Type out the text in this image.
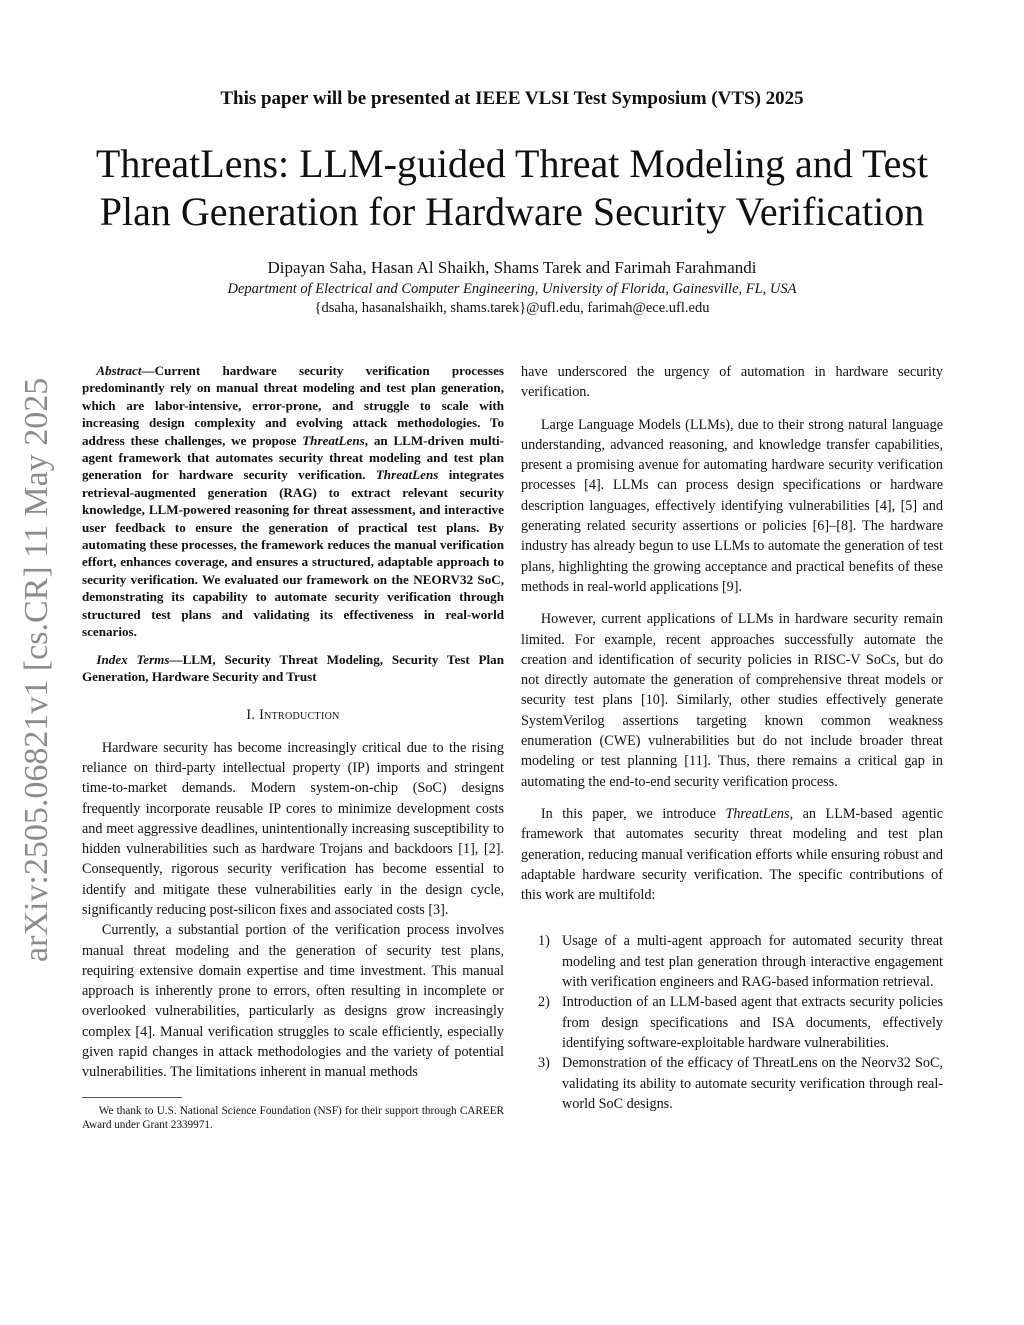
This paper will be presented at IEEE VLSI Test Symposium (VTS) 2025
ThreatLens: LLM-guided Threat Modeling and Test Plan Generation for Hardware Security Verification
Dipayan Saha, Hasan Al Shaikh, Shams Tarek and Farimah Farahmandi
Department of Electrical and Computer Engineering, University of Florida, Gainesville, FL, USA
{dsaha, hasanalshaikh, shams.tarek}@ufl.edu, farimah@ece.ufl.edu
arXiv:2505.06821v1 [cs.CR] 11 May 2025

Abstract—Current hardware security verification processes predominantly rely on manual threat modeling and test plan generation, which are labor-intensive, error-prone, and struggle to scale with increasing design complexity and evolving attack methodologies. To address these challenges, we propose ThreatLens, an LLM-driven multi-agent framework that automates security threat modeling and test plan generation for hardware security verification. ThreatLens integrates retrieval-augmented generation (RAG) to extract relevant security knowledge, LLM-powered reasoning for threat assessment, and interactive user feedback to ensure the generation of practical test plans. By automating these processes, the framework reduces the manual verification effort, enhances coverage, and ensures a structured, adaptable approach to security verification. We evaluated our framework on the NEORV32 SoC, demonstrating its capability to automate security verification through structured test plans and validating its effectiveness in real-world scenarios.

Index Terms—LLM, Security Threat Modeling, Security Test Plan Generation, Hardware Security and Trust

I. Introduction

Hardware security has become increasingly critical due to the rising reliance on third-party intellectual property (IP) imports and stringent time-to-market demands. Modern system-on-chip (SoC) designs frequently incorporate reusable IP cores to minimize development costs and meet aggressive deadlines, unintentionally increasing susceptibility to hidden vulnerabilities such as hardware Trojans and backdoors [1], [2]. Consequently, rigorous security verification has become essential to identify and mitigate these vulnerabilities early in the design cycle, significantly reducing post-silicon fixes and associated costs [3].

Currently, a substantial portion of the verification process involves manual threat modeling and the generation of security test plans, requiring extensive domain expertise and time investment. This manual approach is inherently prone to errors, often resulting in incomplete or overlooked vulnerabilities, particularly as designs grow increasingly complex [4]. Manual verification struggles to scale efficiently, especially given rapid changes in attack methodologies and the variety of potential vulnerabilities. The limitations inherent in manual methods

We thank to U.S. National Science Foundation (NSF) for their support through CAREER Award under Grant 2339971.

have underscored the urgency of automation in hardware security verification.

Large Language Models (LLMs), due to their strong natural language understanding, advanced reasoning, and knowledge transfer capabilities, present a promising avenue for automating hardware security verification processes [4]. LLMs can process design specifications or hardware description languages, effectively identifying vulnerabilities [4], [5] and generating related security assertions or policies [6]–[8]. The hardware industry has already begun to use LLMs to automate the generation of test plans, highlighting the growing acceptance and practical benefits of these methods in real-world applications [9].

However, current applications of LLMs in hardware security remain limited. For example, recent approaches successfully automate the creation and identification of security policies in RISC-V SoCs, but do not directly automate the generation of comprehensive threat models or security test plans [10]. Similarly, other studies effectively generate SystemVerilog assertions targeting known common weakness enumeration (CWE) vulnerabilities but do not include broader threat modeling or test planning [11]. Thus, there remains a critical gap in automating the end-to-end security verification process.

In this paper, we introduce ThreatLens, an LLM-based agentic framework that automates security threat modeling and test plan generation, reducing manual verification efforts while ensuring robust and adaptable hardware security verification. The specific contributions of this work are multifold:

1) Usage of a multi-agent approach for automated security threat modeling and test plan generation through interactive engagement with verification engineers and RAG-based information retrieval.
2) Introduction of an LLM-based agent that extracts security policies from design specifications and ISA documents, effectively identifying software-exploitable hardware vulnerabilities.
3) Demonstration of the efficacy of ThreatLens on the Neorv32 SoC, validating its ability to automate security verification through real-world SoC designs.
